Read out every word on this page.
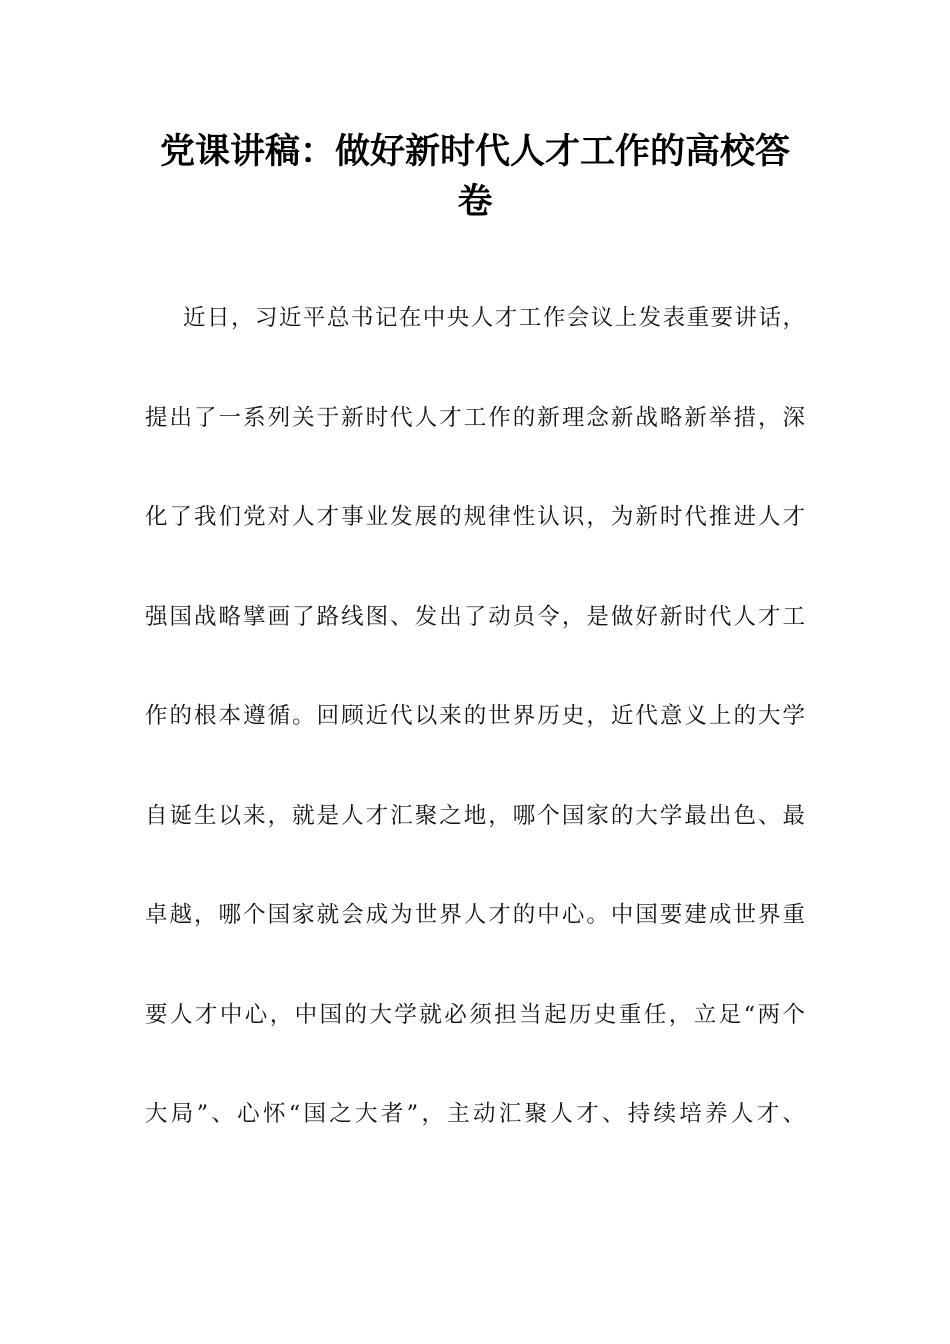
党课讲稿：做好新时代人才工作的高校答
卷
近日，习近平总书记在中央人才工作会议上发表重要讲话，
提出了一系列关于新时代人才工作的新理念新战略新举措，深
化了我们党对人才事业发展的规律性认识，为新时代推进人才
强国战略擘画了路线图、发出了动员令，是做好新时代人才工
作的根本遵循。回顾近代以来的世界历史，近代意义上的大学
自诞生以来，就是人才汇聚之地，哪个国家的大学最出色、最
卓越，哪个国家就会成为世界人才的中心。中国要建成世界重
要人才中心，中国的大学就必须担当起历史重任，立足“两个
大局”、心怀“国之大者”，主动汇聚人才、持续培养人才、
